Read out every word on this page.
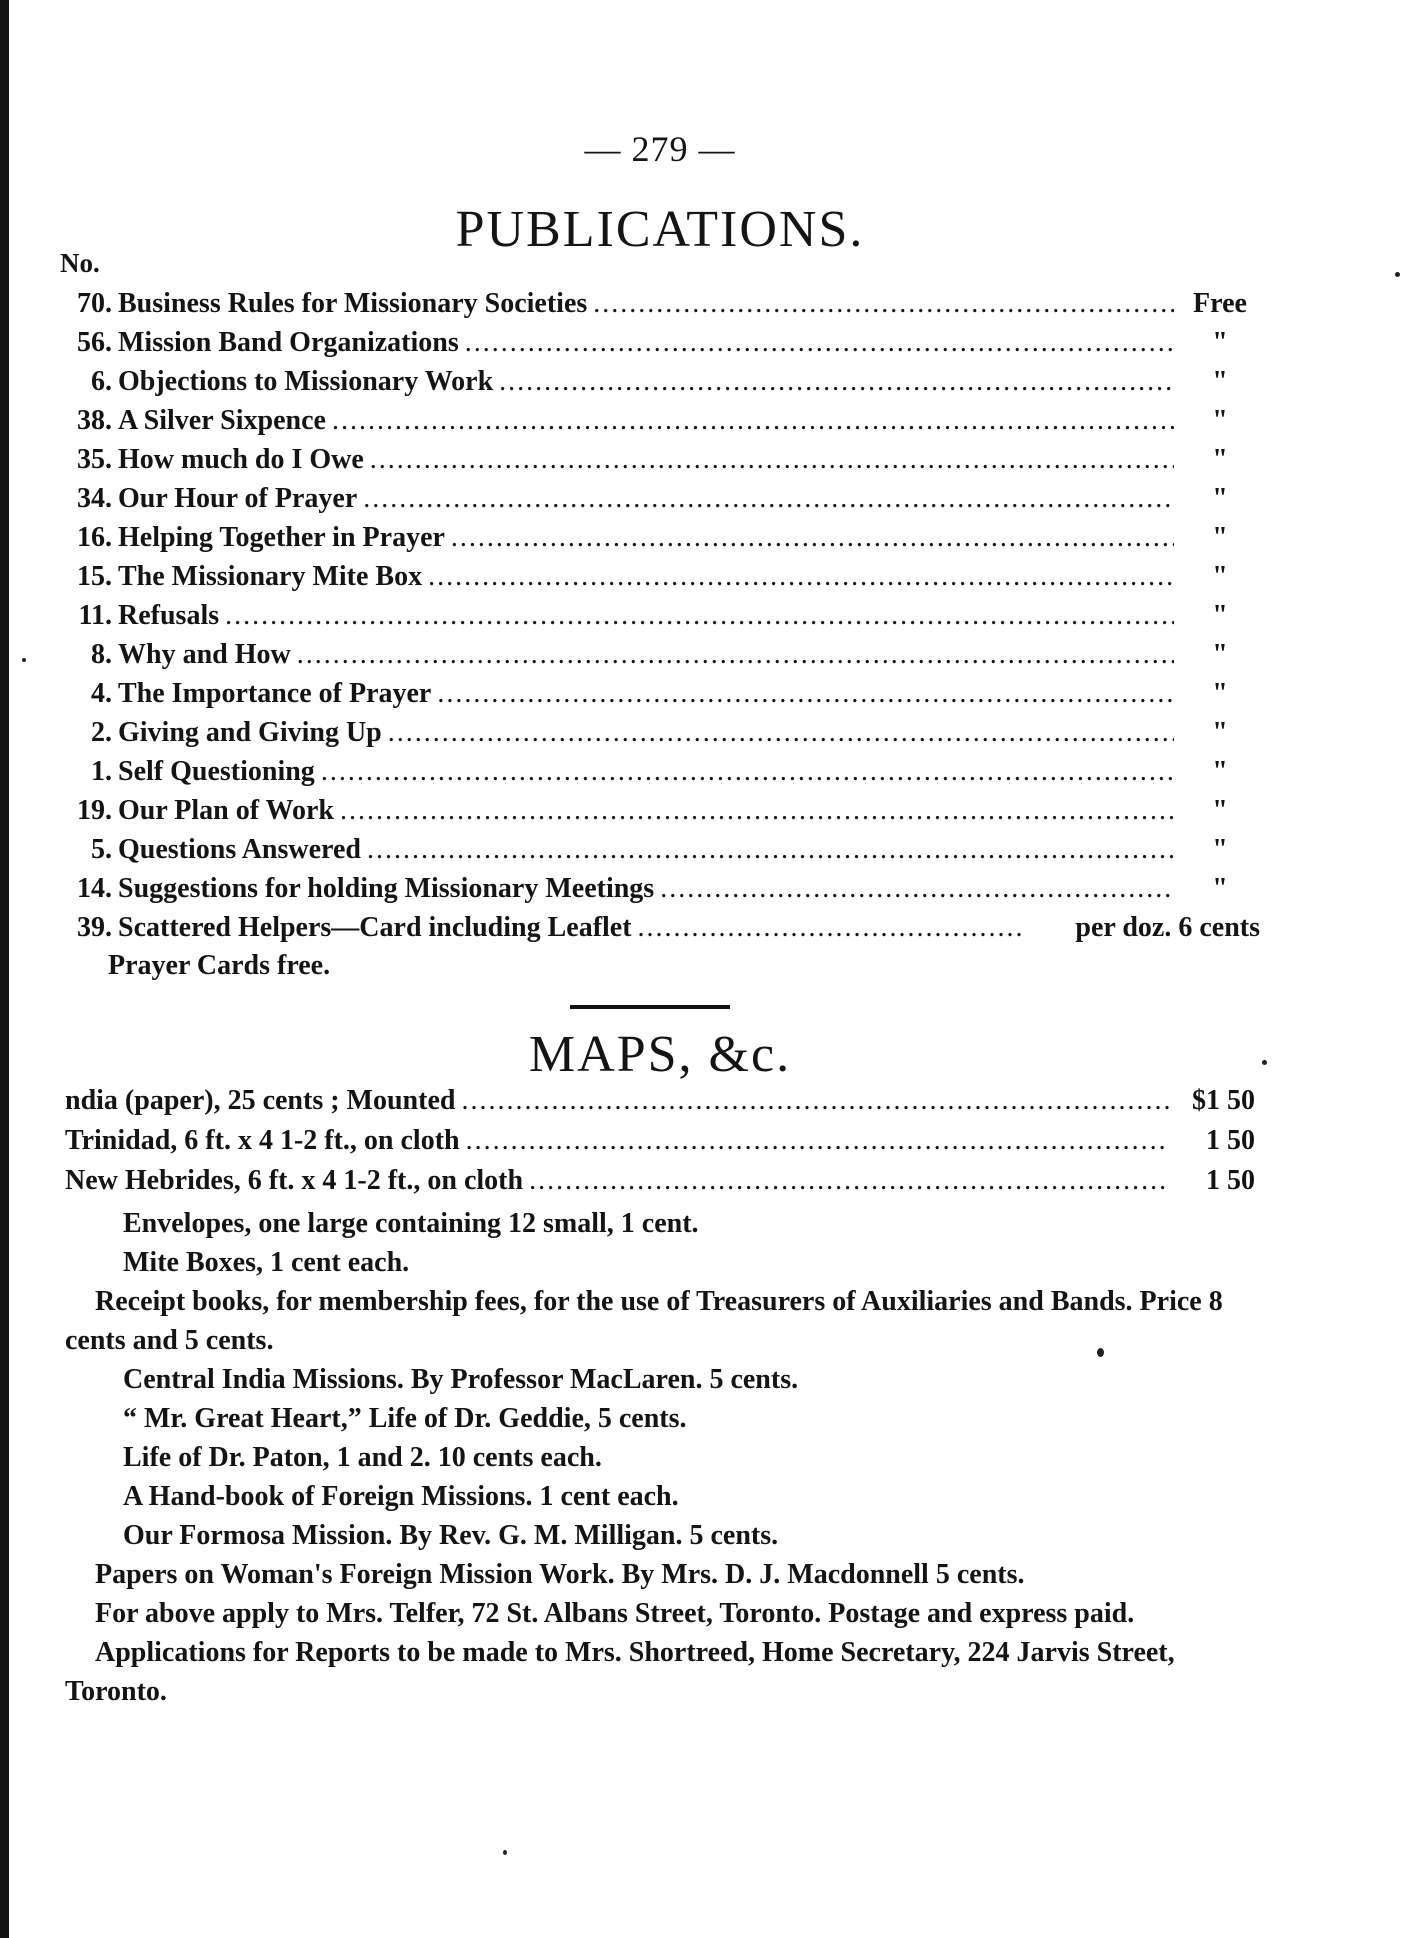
— 279 —
PUBLICATIONS.
No.
70. Business Rules for Missionary Societies .....	Free
56. Mission Band Organizations .....	"
6. Objections to Missionary Work .....	"
38. A Silver Sixpence .....	"
35. How much do I Owe .....	"
34. Our Hour of Prayer .....	"
16. Helping Together in Prayer .....	"
15. The Missionary Mite Box .....	"
11. Refusals .....	"
8. Why and How .....	"
4. The Importance of Prayer .....	"
2. Giving and Giving Up .....	"
1. Self Questioning .....	"
19. Our Plan of Work .....	"
5. Questions Answered .....	"
14. Suggestions for holding Missionary Meetings .....	"
39. Scattered Helpers—Card including Leaflet .....	per doz. 6 cents
Prayer Cards free.
MAPS, &c.
ndia (paper), 25 cents ; Mounted .....	$1 50
Trinidad, 6 ft. x 4 1-2 ft., on cloth .....	1 50
New Hebrides, 6 ft. x 4 1-2 ft., on cloth .....	1 50

Envelopes, one large containing 12 small, 1 cent.

Mite Boxes, 1 cent each.

Receipt books, for membership fees, for the use of Treasurers of Auxiliaries and Bands. Price 8 cents and 5 cents.

Central India Missions. By Professor MacLaren. 5 cents.

“ Mr. Great Heart,” Life of Dr. Geddie, 5 cents.

Life of Dr. Paton, 1 and 2. 10 cents each.

A Hand-book of Foreign Missions. 1 cent each.

Our Formosa Mission. By Rev. G. M. Milligan. 5 cents.

Papers on Woman's Foreign Mission Work. By Mrs. D. J. Macdonnell 5 cents.

For above apply to Mrs. Telfer, 72 St. Albans Street, Toronto. Postage and express paid.

Applications for Reports to be made to Mrs. Shortreed, Home Secretary, 224 Jarvis Street, Toronto.
